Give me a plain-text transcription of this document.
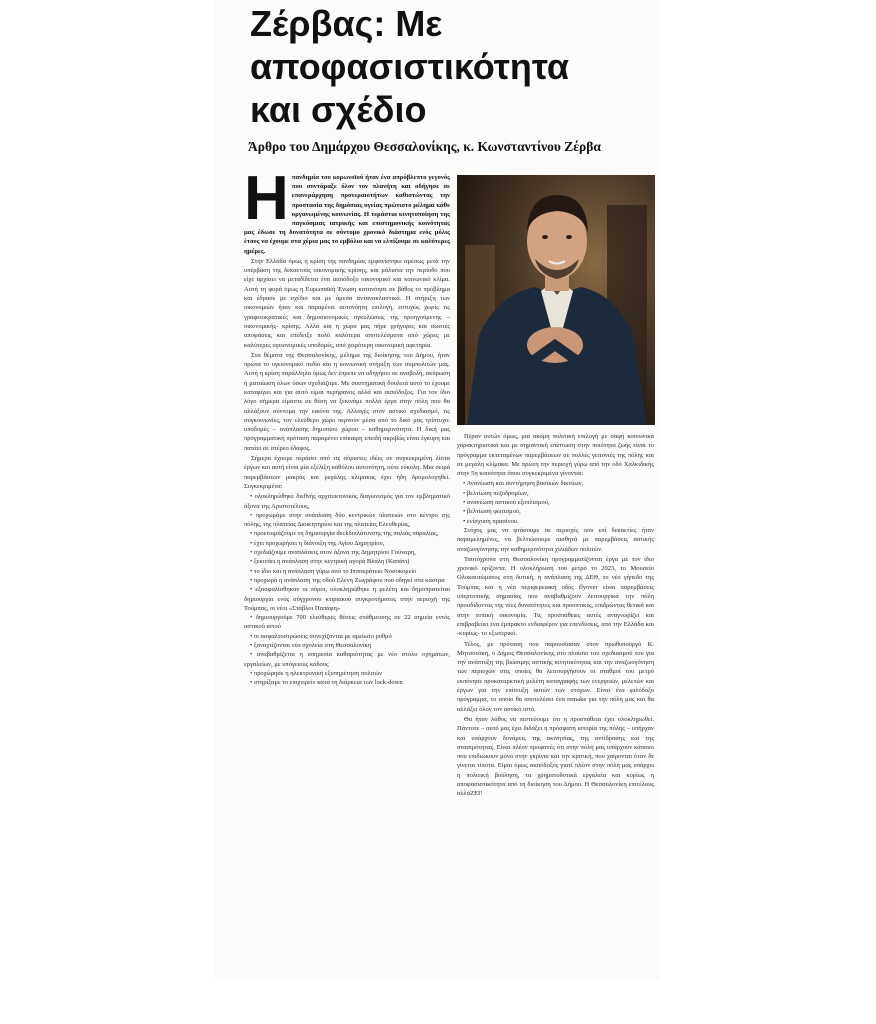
Ζέρβας: Με
αποφασιστικότητα
και σχέδιο
Άρθρο του Δημάρχου Θεσσαλονίκης, κ. Κωνσταντίνου Ζέρβα
Η πανδημία του κορωνοϊού ήταν ένα απρόβλεπτο γεγονός που συντάραξε όλον τον πλανήτη και οδήγησε σε επανεράρχηση προτεραιοτήτων καθιστώντας την προστασία της δημόσιας υγείας πρώτιστο μέλημα κάθε οργανωμένης κοινωνίας. Η τεράστια κινητοποίηση της παγκόσμιας ιατρικής και επιστημονικής κοινότητας μας έδωσε τη δυνατότητα σε σύντομο χρονικό διάστημα ενός μόλις έτους να έχουμε στα χέρια μας το εμβόλιο και να ελπίζουμε σε καλύτερες ημέρες.

Στην Ελλάδα όμως η κρίση της πανδημίας εμφανίστηκε αμέσως μετά την υπέρβαση της δεκαετούς οικονομικής κρίσης, και μάλιστα την περίοδο που είχε αρχίσει να μεταδίδεται ένα αισιόδοξο οικονομικό και κοινωνικό κλίμα. Αυτή τη φορά όμως η Ευρωπαϊκή Ένωση κατανόησε σε βάθος το πρόβλημα και έδρασε με σχέδιο και με άμεσα αντανακλαστικά. Η στήριξη των οικονομιών ήταν και παραμένει αυτονόητη επιλογή, ευτυχώς χωρίς τις γραφειοκρατικές και δημοσιονομικές αγκυλώσεις της προηγούμενης – οικονομικής- κρίσης. Αλλά και η χώρα μας πήρε γρήγορες και σωστές αποφάσεις και επέδειξε πολύ καλύτερα αποτελέσματα από χώρες με καλύτερες υγειονομικές υποδομές, από χειρότερη οικονομική αφετηρία.

Στα θέματα της Θεσσαλονίκης, μέλημα της διοίκησης του Δήμου, ήταν πρώτα το υγειονομικό πεδίο και η κοινωνική στήριξη των συμπολιτών μας. Αυτή η κρίση παράλληλα όμως δεν έπρεπε να οδηγήσει σε αναβολή, ακύρωση ή ματαίωση όλων όσων σχεδιάζαμε. Με συστηματική δουλειά αυτό το έχουμε καταφέρει και για αυτό είμαι περήφανος αλλά και αισιόδοξος. Για τον ίδιο λόγο σήμερα είμαστε σε θέση να ξεκινάμε πολλά έργα στην πόλη που θα αλλάξουν σύντομα την εικόνα της. Αλλαγές στον αστικό σχεδιασμό, τις συγκοινωνίες, τον ελεύθερο χώρο περνούν μέσα από το δικό μας τρίπτυχο: υποδομές – ανάπλασης δημοσίου χώρου – καθημερινότητα. Η δική μας προγραμματική πρόταση παραμένει επίκαιρη επειδή ακριβώς είναι έγκυρη και πατάει σε στέρεο έδαφος.

Σήμερα έχουμε περάσει από τις αόριστες ιδέες σε συγκεκριμένη λίστα έργων και αυτή είναι μία εξέλιξη καθόλου αυτονόητη, ούτε εύκολη. Μια σειρά παρεμβάσεων μακράς και μεγάλης κλίμακας έχει ήδη δρομολογηθεί. Συγκεκριμένα:

• ολοκληρώθηκε διεθνής αρχιτεκτονικός διαγωνισμός για τον εμβληματικό άξονα της Αριστοτέλους,
• προχωράμε στην ανάπλαση δύο κεντρικών πλατειών στο κέντρο της πόλης, της πλατείας Διοικητηρίου και της πλατείας Ελευθερίας,
• προετοιμάζουμε τη δημιουργία deckδιπλάτυνσης της παλιάς παραλίας,
• έχει προχωρήσει η διάνοιξη της Αγίου Δημητρίου,
• σχεδιάζουμε αναπλάσεις στον άξονα της Δημητρίου Γούναρη,
• ξεκινάει η ανάπλαση στην κεντρική αγορά Βλάλη (Καπάνι)
• το ίδιο και η ανάπλαση γύρω από το Ιπποκράτειο Νοσοκομείο
• προχωρά η ανάπλαση της οδού Ελένη Ζωγράφου που οδηγεί στα κάστρα
• εξασφαλίσθηκαν οι πόροι, ολοκληρώθηκε η μελέτη και δημοπρατείται δημιουργία ενός σύγχρονου κτιριακού συγκροτήματος στην περιοχή της Τούμπας, οι νέοι «Στάβλοι Παπάφη»
• δημιουργούμε 700 ελεύθερες θέσεις στάθμευσης σε 22 σημεία εντός αστικού ιστού
• οι ασφαλτοστρώσεις συνεχίζονται με αμείωτο ρυθμό
• ξαναχτίζονται νέα σχολεία στη Θεσσαλονίκη
• αναβαθμίζεται η υπηρεσία καθαριότητας με νέο στόλο οχημάτων, εργαλείων, με υπόγειους κάδους
• προχώρησε η ηλεκτρονική εξυπηρέτηση πολιτών
• στηρίξαμε το επιχειρείν κατά τη διάρκεια των lock-down

Πέραν αυτών όμως, μια ακόμη πολιτική επιλογή με σαφή κοινωνικά χαρακτηριστικά και με σημαντική επίπτωση στην ποιότητα ζωής είναι το πρόγραμμα εκτεταμένων παρεμβάσεων σε πολλές γειτονιές της πόλης και σε μεγάλη κλίμακα. Με πρώτη την περιοχή γύρω από την οδό Χαλκιδικής στην 5η κοινότητα όπου συγκεκριμένα γίνονται:

• Ανανέωση και συντήρηση βασικών δικτύων,
• βελτίωση πεζοδρομίων,
• ανανέωση αστικού εξοπλισμού,
• βελτίωση φωτισμού,
• ενίσχυση πρασίνου.

Στόχος μας να φτάσουμε σε περιοχές που επί δεκαετίες ήταν παραμελημένες, να βελτιώσουμε αισθητά με παρεμβάσεις αστικής αναζωογόνησης την καθημερινότητα χιλιάδων πολιτών.

Ταυτόχρονα στη Θεσσαλονίκη προγραμματίζονται έργα με τον ίδιο χρονικό ορίζοντα. Η ολοκλήρωση του μετρό το 2023, το Μουσείο Ολοκαυτώματος στη δυτική, η ανάπλαση της ΔΕΘ, το νέο γήπεδο της Τούμπας και η νέα περιφερειακή οδός flyover είναι παρεμβάσεις υπερτοπικής σημασίας που αναβαθμίζουν λειτουργικά την πόλη προσδίδοντας της νέες δυνατότητες και προοπτικές, επιδρώντας θετικά και στην τοπική οικονομία. Τις προσπάθειες αυτές αναγνωρίζει και επιβραβεύει ένα έμπρακτο ενδιαφέρον για επενδύσεις, από την Ελλάδα και -κυρίως- το εξωτερικό.

Τέλος, με πρόταση που παρουσίασαν στον πρωθυπουργό Κ. Μητσοτάκη, ο Δήμος Θεσσαλονίκης στο πλαίσιο του σχεδιασμού του για την ανάπτυξη της βιώσιμης αστικής κινητικότητας και την αναζωογόνηση των περιοχών στις οποίες θα λειτουργήσουν οι σταθμοί του μετρό εκπόνησε προκαταρκτική μελέτη καταγραφής των ενεργειών, μελετών και έργων για την επίτευξη αυτών των στόχων. Είναι ένα φιλόδοξο πρόγραμμα, το οποίο θα αποτελέσει ένα remake για την πόλη μας και θα αλλάξει όλον τον αστικό ιστό.

Θα ήταν λάθος να πιστεύουμε ότι η προσπάθεια έχει ολοκληρωθεί. Πάντοτε – αυτό μας έχει διδάξει η πρόσφατη ιστορία της πόλης – υπήρχαν και υπάρχουν δυνάμεις της ακινησίας, της αντίδρασης και της στασιμότητας. Είναι πλέον προφανές ότι στην πόλη μας υπάρχουν κάποιοι που επιδιώκουν μόνο στην γκρίνια και την κριτική, που χαίρονται όταν δε γίνεται τίποτα. Είμαι όμως αισιόδοξος γιατί πλέον στην πόλη μας υπάρχει η πολιτική βούληση, τα χρηματοδοτικά εργαλεία και κυρίως η αποφασιστικότητα από τη διοίκηση του Δήμου. Η Θεσσαλονίκη επιτέλους αλλάΖΕΙ!
